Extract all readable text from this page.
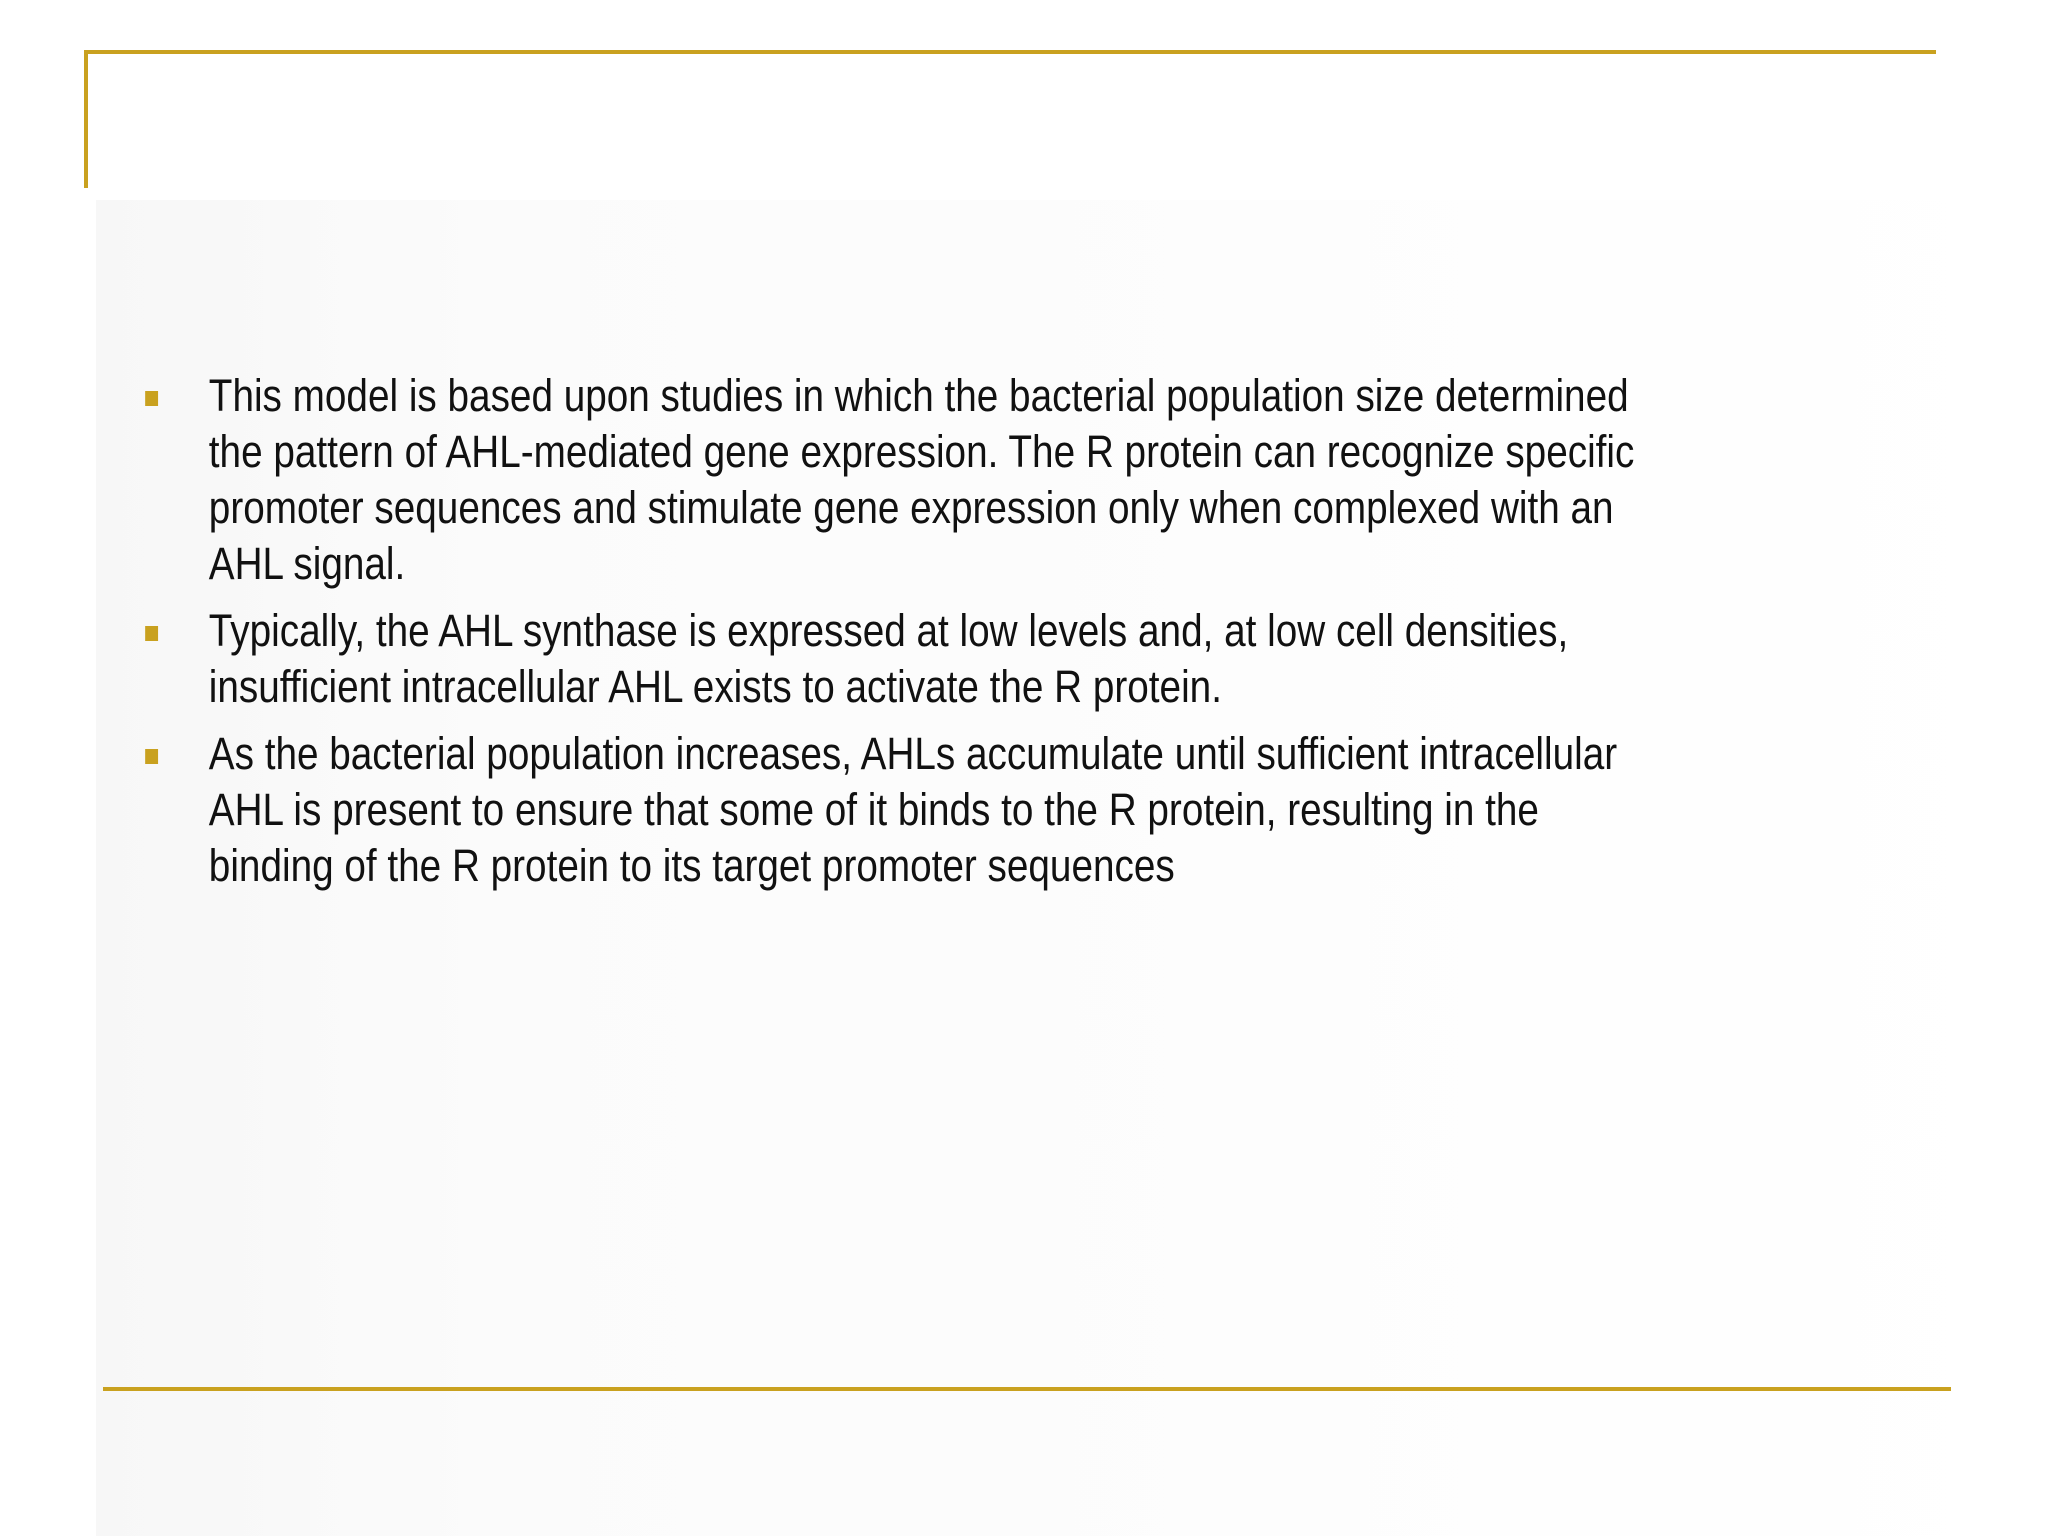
This model is based upon studies in which the bacterial population size determined the pattern of AHL-mediated gene expression. The R protein can recognize specific promoter sequences and stimulate gene expression only when complexed with an AHL signal.
Typically, the AHL synthase is expressed at low levels and, at low cell densities, insufficient intracellular AHL exists to activate the R protein.
As the bacterial population increases, AHLs accumulate until sufficient intracellular AHL is present to ensure that some of it binds to the R protein, resulting in the binding of the R protein to its target promoter sequences
